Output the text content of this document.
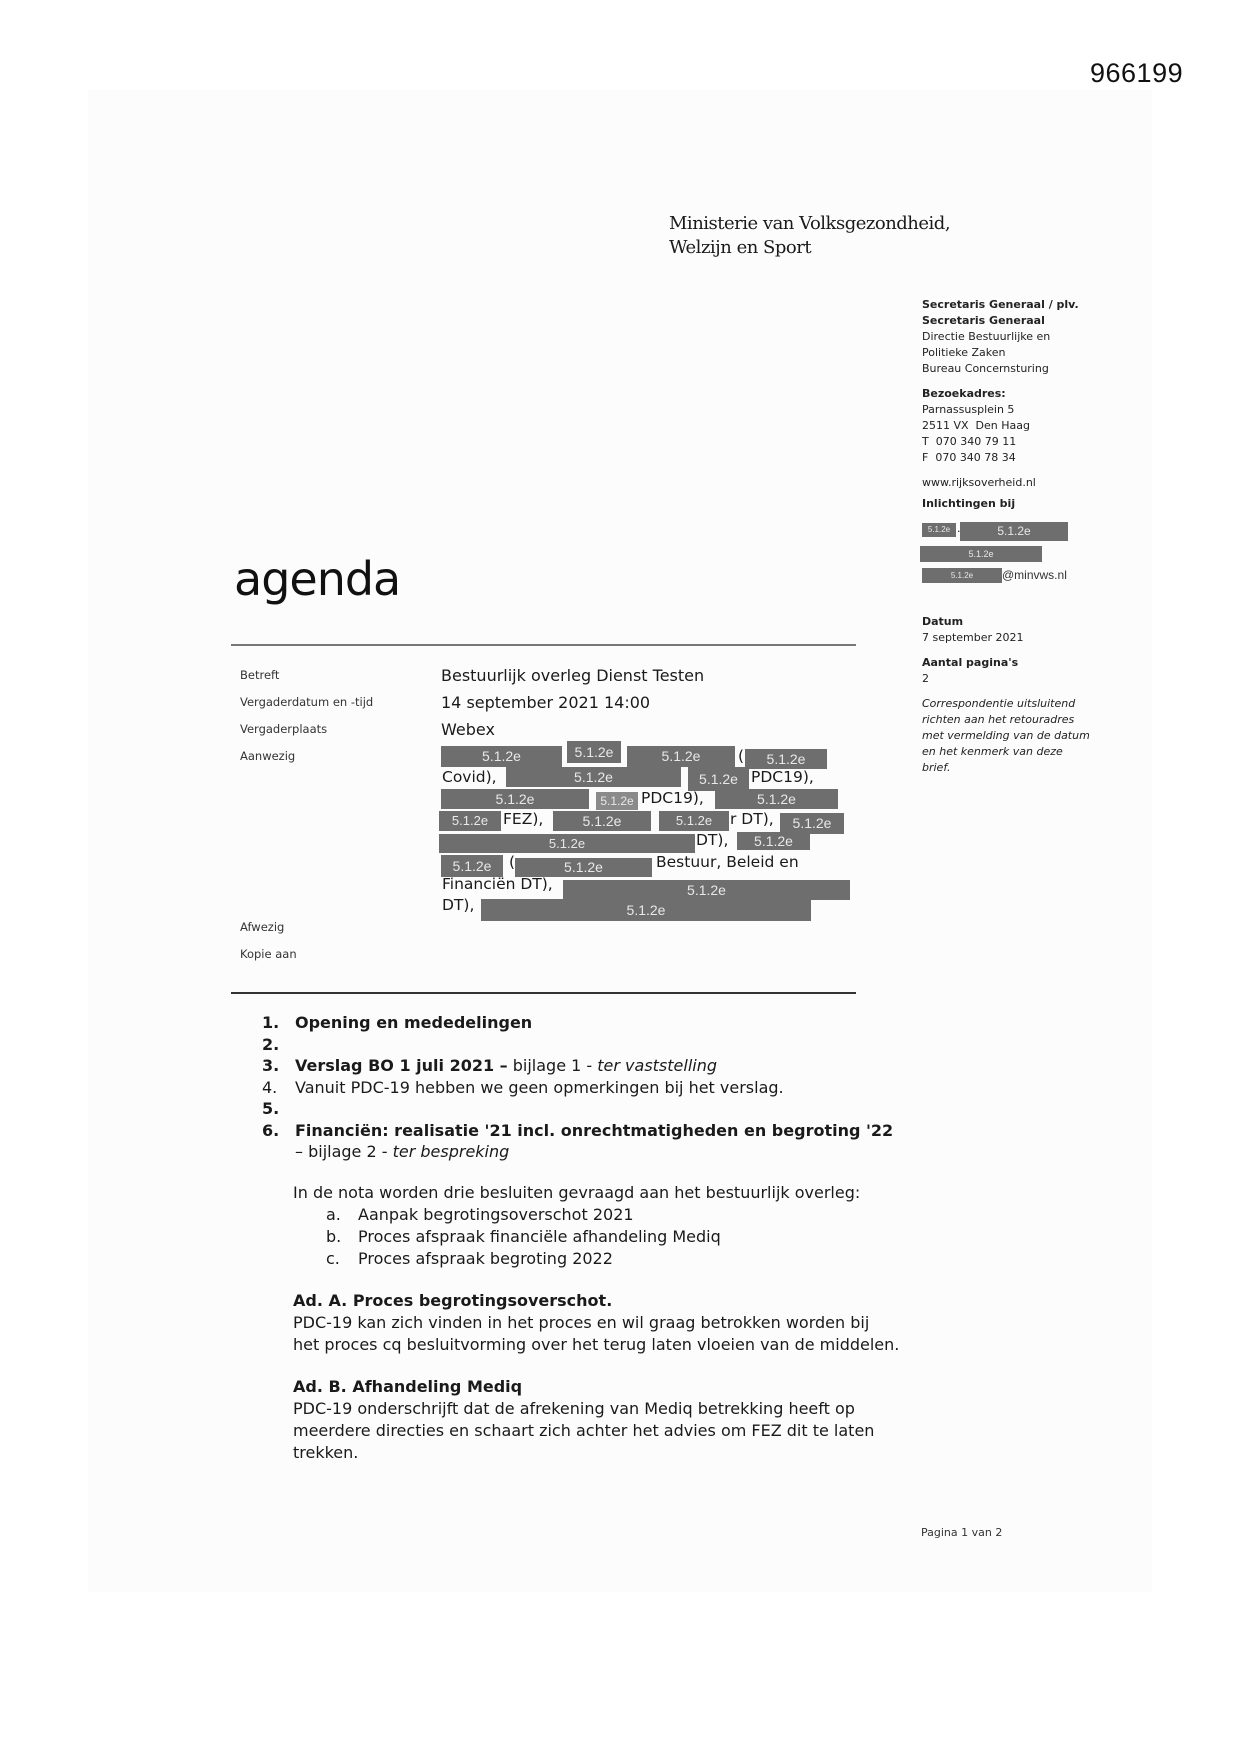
966199
Ministerie van Volksgezondheid,
Welzijn en Sport
Secretaris Generaal / plv.
Secretaris Generaal
Directie Bestuurlijke en
Politieke Zaken
Bureau Concernsturing
Bezoekadres:
Parnassusplein 5
2511 VX  Den Haag
T  070 340 79 11
F  070 340 78 34
www.rijksoverheid.nl
Inlichtingen bij
5.1.2e .	5.1.2e
5.1.2e
5.1.2e	@minvws.nl
Datum
7 september 2021
Aantal pagina's
2
Correspondentie uitsluitend
richten aan het retouradres
met vermelding van de datum
en het kenmerk van deze
brief.
agenda
Betreft	Bestuurlijk overleg Dienst Testen
Vergaderdatum en -tijd	14 september 2021 14:00
Vergaderplaats	Webex
Aanwezig	5.1.2e	5.1.2e	5.1.2e	(	5.1.2e
Covid),	5.1.2e	5.1.2e PDC19),
5.1.2e	5.1.2e PDC19),	5.1.2e
5.1.2e FEZ),	5.1.2e	5.1.2e	r DT),	5.1.2e
5.1.2e	DT),	5.1.2e
5.1.2e	(	5.1.2e	Bestuur, Beleid en
Financiën DT),	5.1.2e
DT),	5.1.2e
Afwezig
Kopie aan
1. Opening en mededelingen
2.
3. Verslag BO 1 juli 2021 – bijlage 1 - ter vaststelling
4.	Vanuit PDC-19 hebben we geen opmerkingen bij het verslag.
5.
6. Financiën: realisatie '21 incl. onrechtmatigheden en begroting '22
– bijlage 2 - ter bespreking
In de nota worden drie besluiten gevraagd aan het bestuurlijk overleg:
a.	Aanpak begrotingsoverschot 2021
b.	Proces afspraak financiële afhandeling Mediq
c.	Proces afspraak begroting 2022
Ad. A. Proces begrotingsoverschot.
PDC-19 kan zich vinden in het proces en wil graag betrokken worden bij
het proces cq besluitvorming over het terug laten vloeien van de middelen.
Ad. B. Afhandeling Mediq
PDC-19 onderschrijft dat de afrekening van Mediq betrekking heeft op
meerdere directies en schaart zich achter het advies om FEZ dit te laten
trekken.
Pagina 1 van 2
